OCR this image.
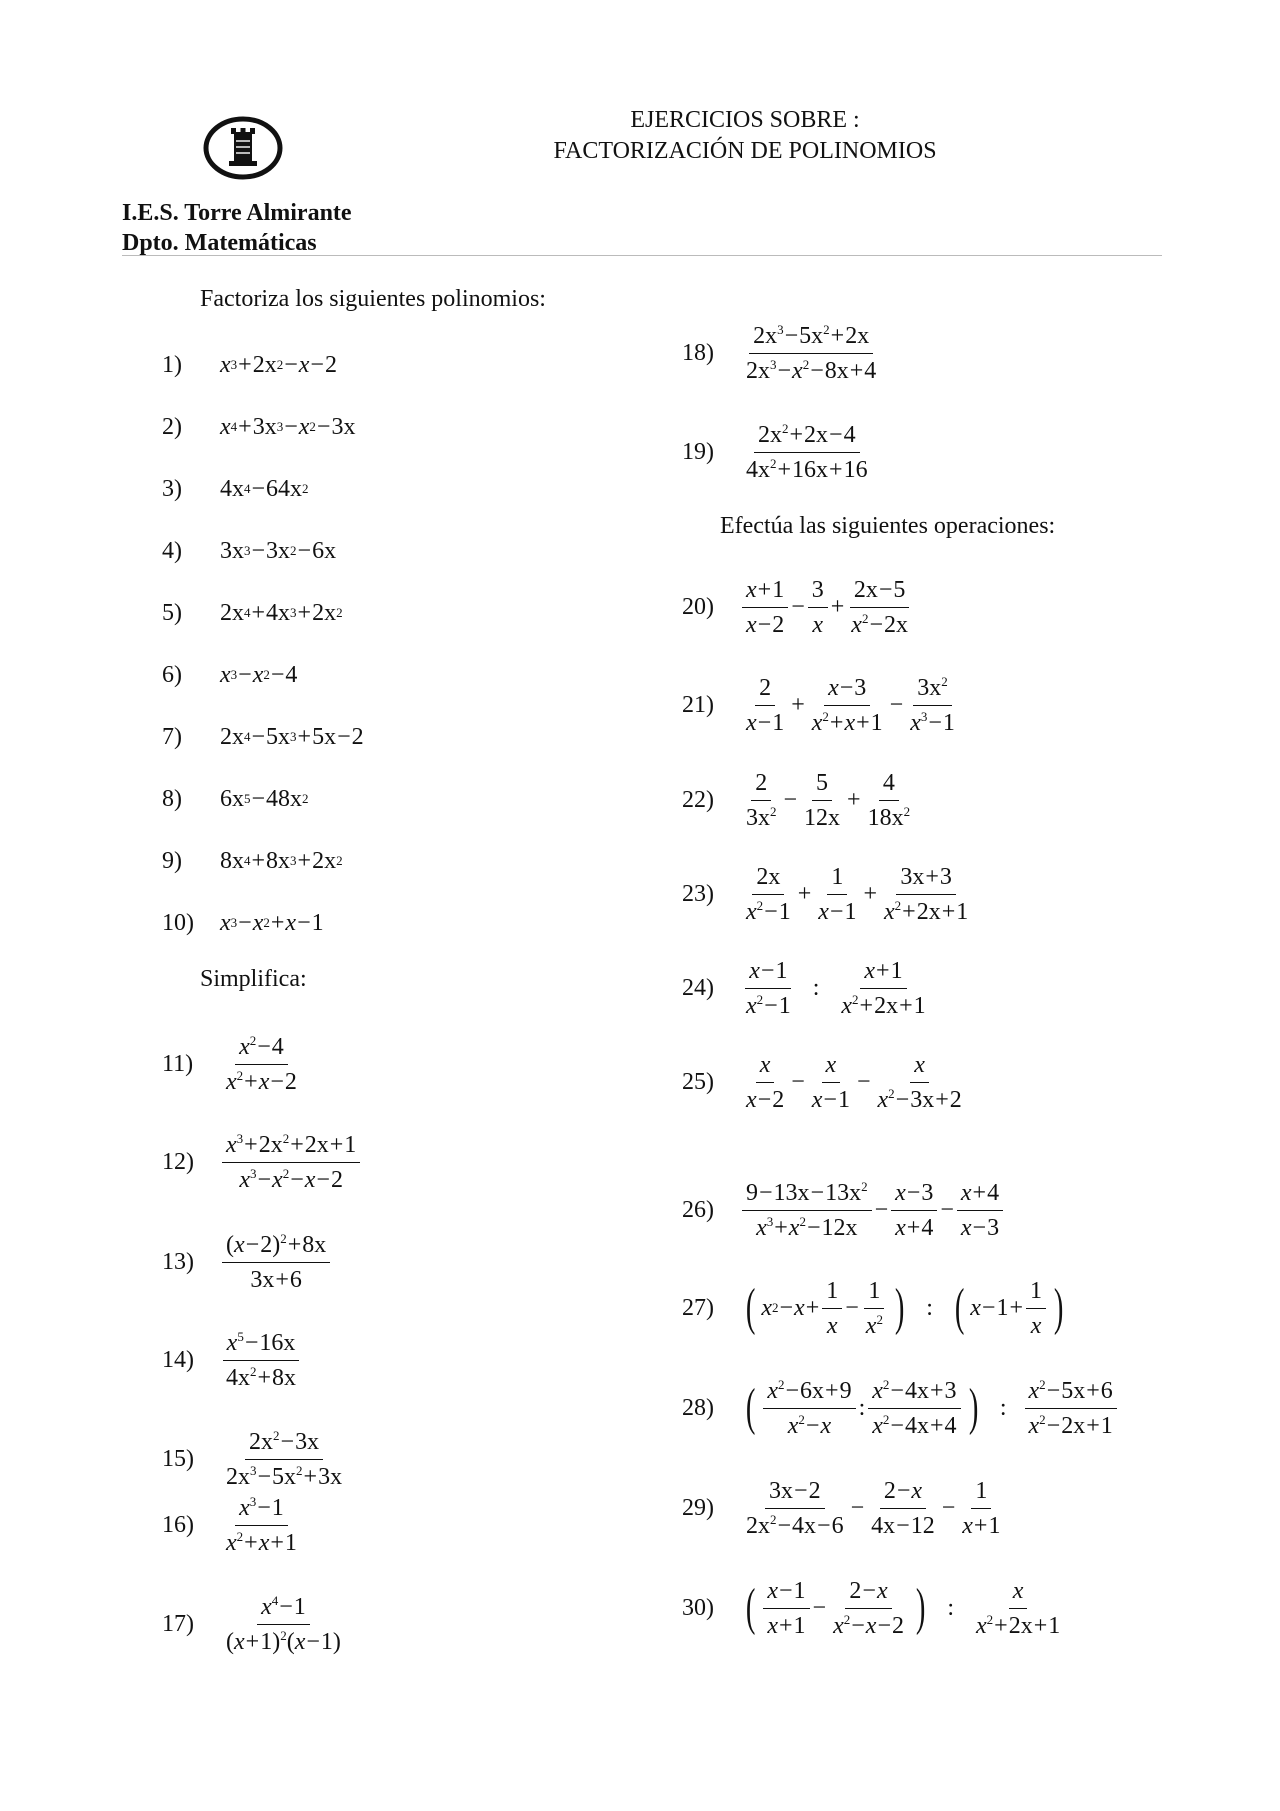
EJERCICIOS SOBRE :
FACTORIZACIÓN DE POLINOMIOS
I.E.S. Torre Almirante
Dpto. Matemáticas
Factoriza los siguientes polinomios:
Simplifica:
Efectúa las siguientes operaciones:
1)	x 3 + 2x 2 − x − 2
2)	x 4 + 3x 3 − x 2 − 3x
3)	4x 4 − 64x 2
4)	3x 3 − 3x 2 − 6x
5)	2x 4 + 4x 3 + 2x 2
6)	x 3 − x 2 − 4
7)	2x 4 − 5x 3 + 5x − 2
8)	6x 5 − 48x 2
9)	8x 4 + 8x 3 + 2x 2
10)	x 3 − x 2 + x − 1
11)	$\frac{x^2-4}{x^2+x-2}$
12)	$\frac{x^3+2x^2+2x+1}{x^3-x^2-x-2}$
13)	$\frac{(x-2)^2+8x}{3x+6}$
14)	$\frac{x^5-16x}{4x^2+8x}$
15)	$\frac{2x^2-3x}{2x^3-5x^2+3x}$
16)	$\frac{x^3-1}{x^2+x+1}$
17)	$\frac{x^4-1}{(x+1)^2(x-1)}$
18)	$\frac{2x^3-5x^2+2x}{2x^3-x^2-8x+4}$
19)	$\frac{2x^2+2x-4}{4x^2+16x+16}$
20)	$\frac{x+1}{x-2} - \frac{3}{x} + \frac{2x-5}{x^2-2x}$
21)	$\frac{2}{x-1} + \frac{x-3}{x^2+x+1} - \frac{3x^2}{x^3-1}$
22)	$\frac{2}{3x^2} - \frac{5}{12x} + \frac{4}{18x^2}$
23)	$\frac{2x}{x^2-1} + \frac{1}{x-1} + \frac{3x+3}{x^2+2x+1}$
24)	$\frac{x-1}{x^2-1}$ : $\frac{x+1}{x^2+2x+1}$
25)	$\frac{x}{x-2} - \frac{x}{x-1} - \frac{x}{x^2-3x+2}$
26)	$\frac{9-13x-13x^2}{x^3+x^2-12x} - \frac{x-3}{x+4} - \frac{x+4}{x-3}$
27) ( x $2 - x + \frac{1}{x} - \frac{1}{x^2}$ ) : ( $x - 1 + \frac{1}{x}$ )
28) ( $\frac{x^2-6x+9}{x^2-x}$ : $\frac{x^2-4x+3}{x^2-4x+4}$ ) : $\frac{x^2-5x+6}{x^2-2x+1}$
29)	$\frac{3x-2}{2x^2-4x-6} - \frac{2-x}{4x-12} - \frac{1}{x+1}$
30) ( $\frac{x-1}{x+1} - \frac{2-x}{x^2-x-2}$ ) : $\frac{x}{x^2+2x+1}$
